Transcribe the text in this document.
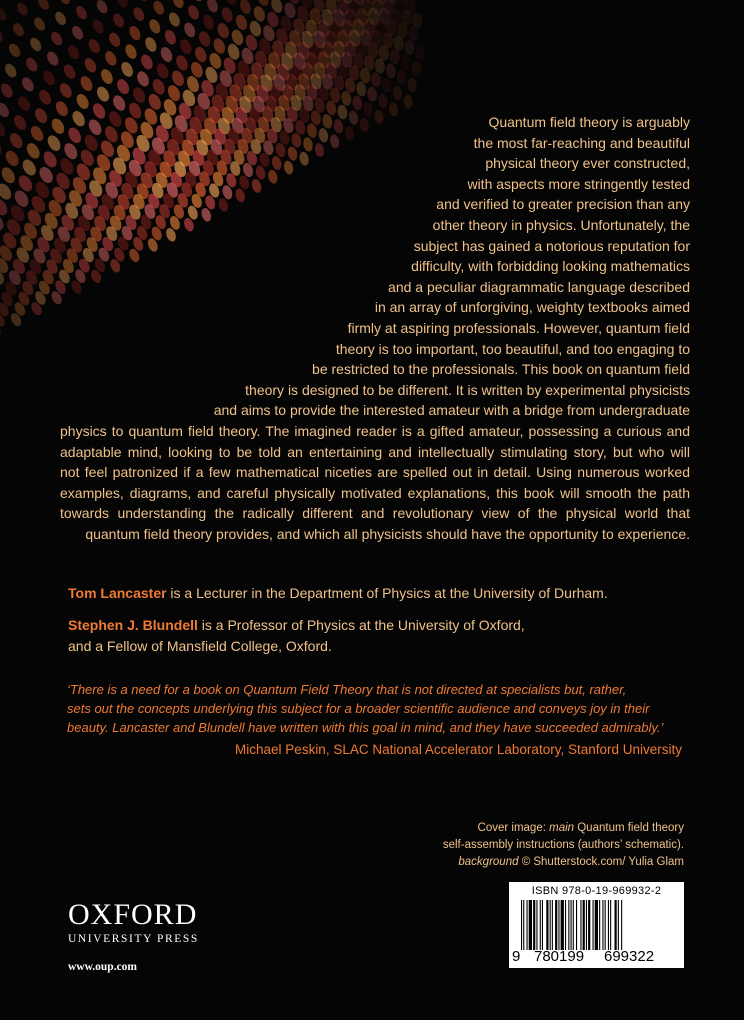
Quantum field theory is arguably
the most far-reaching and beautiful
physical theory ever constructed,
with aspects more stringently tested
and verified to greater precision than any
other theory in physics. Unfortunately, the
subject has gained a notorious reputation for
difficulty, with forbidding looking mathematics
and a peculiar diagrammatic language described
in an array of unforgiving, weighty textbooks aimed
firmly at aspiring professionals. However, quantum field
theory is too important, too beautiful, and too engaging to
be restricted to the professionals. This book on quantum field
theory is designed to be different. It is written by experimental physicists
and aims to provide the interested amateur with a bridge from undergraduate
physics to quantum field theory. The imagined reader is a gifted amateur, possessing a curious and
adaptable mind, looking to be told an entertaining and intellectually stimulating story, but who will
not feel patronized if a few mathematical niceties are spelled out in detail. Using numerous worked
examples, diagrams, and careful physically motivated explanations, this book will smooth the path
towards understanding the radically different and revolutionary view of the physical world that
quantum field theory provides, and which all physicists should have the opportunity to experience.

Tom Lancaster is a Lecturer in the Department of Physics at the University of Durham.

Stephen J. Blundell is a Professor of Physics at the University of Oxford,
and a Fellow of Mansfield College, Oxford.

‘There is a need for a book on Quantum Field Theory that is not directed at specialists but, rather,
sets out the concepts underlying this subject for a broader scientific audience and conveys joy in their
beauty. Lancaster and Blundell have written with this goal in mind, and they have succeeded admirably.’

Michael Peskin, SLAC National Accelerator Laboratory, Stanford University

Cover image: main Quantum field theory
self-assembly instructions (authors’ schematic).
background © Shutterstock.com/ Yulia Glam
OXFORD
UNIVERSITY PRESS
www.oup.com
ISBN 978-0-19-969932-2
9 780199 699322
